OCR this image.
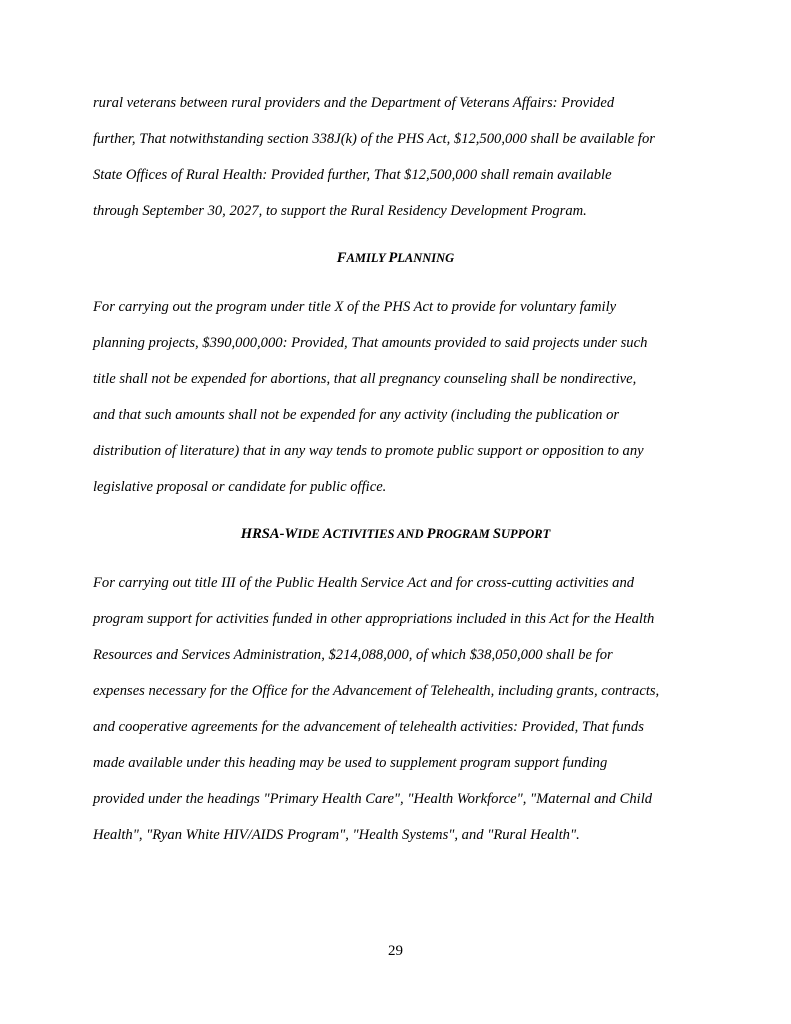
rural veterans between rural providers and the Department of Veterans Affairs: Provided
further, That notwithstanding section 338J(k) of the PHS Act, $12,500,000 shall be available for
State Offices of Rural Health: Provided further, That $12,500,000 shall remain available
through September 30, 2027, to support the Rural Residency Development Program.
FAMILY PLANNING
For carrying out the program under title X of the PHS Act to provide for voluntary family
planning projects, $390,000,000: Provided, That amounts provided to said projects under such
title shall not be expended for abortions, that all pregnancy counseling shall be nondirective,
and that such amounts shall not be expended for any activity (including the publication or
distribution of literature) that in any way tends to promote public support or opposition to any
legislative proposal or candidate for public office.
HRSA-WIDE ACTIVITIES AND PROGRAM SUPPORT
For carrying out title III of the Public Health Service Act and for cross-cutting activities and
program support for activities funded in other appropriations included in this Act for the Health
Resources and Services Administration, $214,088,000, of which $38,050,000 shall be for
expenses necessary for the Office for the Advancement of Telehealth, including grants, contracts,
and cooperative agreements for the advancement of telehealth activities: Provided, That funds
made available under this heading may be used to supplement program support funding
provided under the headings "Primary Health Care", "Health Workforce", "Maternal and Child
Health", "Ryan White HIV/AIDS Program", "Health Systems", and "Rural Health".
29
